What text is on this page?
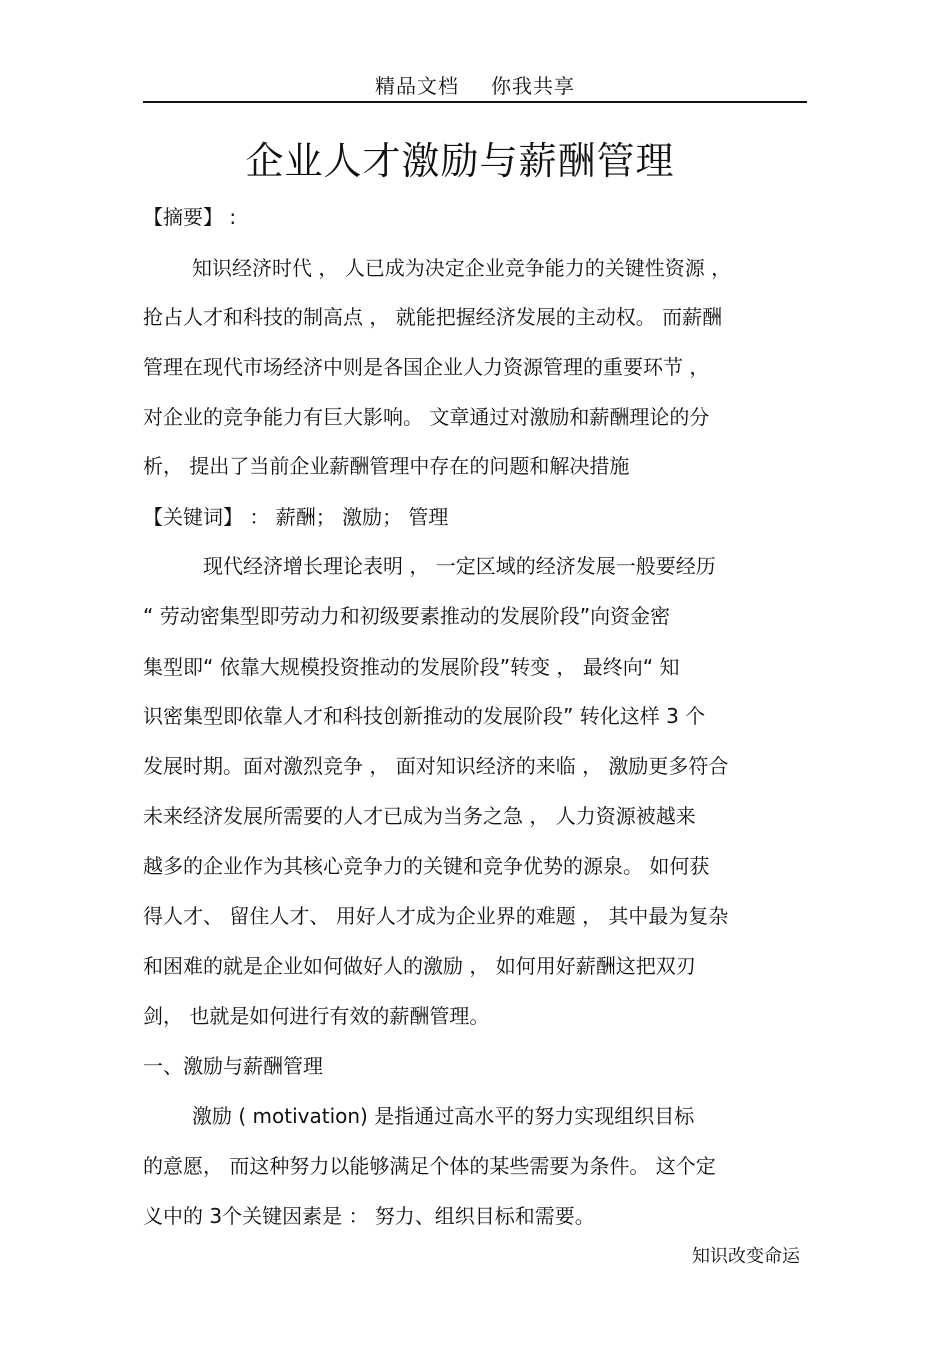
精品文档 你我共享
企业人才激励与薪酬管理
【摘要】 :
知识经济时代 ， 人已成为决定企业竞争能力的关键性资源 ，
抢占人才和科技的制高点 ， 就能把握经济发展的主动权。 而薪酬
管理在现代市场经济中则是各国企业人力资源管理的重要环节 ，
对企业的竞争能力有巨大影响。 文章通过对激励和薪酬理论的分
析， 提出了当前企业薪酬管理中存在的问题和解决措施
【关键词】 ： 薪酬； 激励； 管理
现代经济增长理论表明 ， 一定区域的经济发展一般要经历
“ 劳动密集型即劳动力和初级要素推动的发展阶段”向资金密
集型即“ 依靠大规模投资推动的发展阶段”转变 ， 最终向“ 知
识密集型即依靠人才和科技创新推动的发展阶段” 转化这样 3 个
发展时期。面对激烈竞争 ， 面对知识经济的来临 ， 激励更多符合
未来经济发展所需要的人才已成为当务之急 ， 人力资源被越来
越多的企业作为其核心竞争力的关键和竞争优势的源泉。 如何获
得人才、 留住人才、 用好人才成为企业界的难题 ， 其中最为复杂
和困难的就是企业如何做好人的激励 ， 如何用好薪酬这把双刃
剑， 也就是如何进行有效的薪酬管理。
一、激励与薪酬管理
激励 ( motivation) 是指通过高水平的努力实现组织目标
的意愿， 而这种努力以能够满足个体的某些需要为条件。 这个定
义中的 3个关键因素是 ： 努力、组织目标和需要。
知识改变命运
